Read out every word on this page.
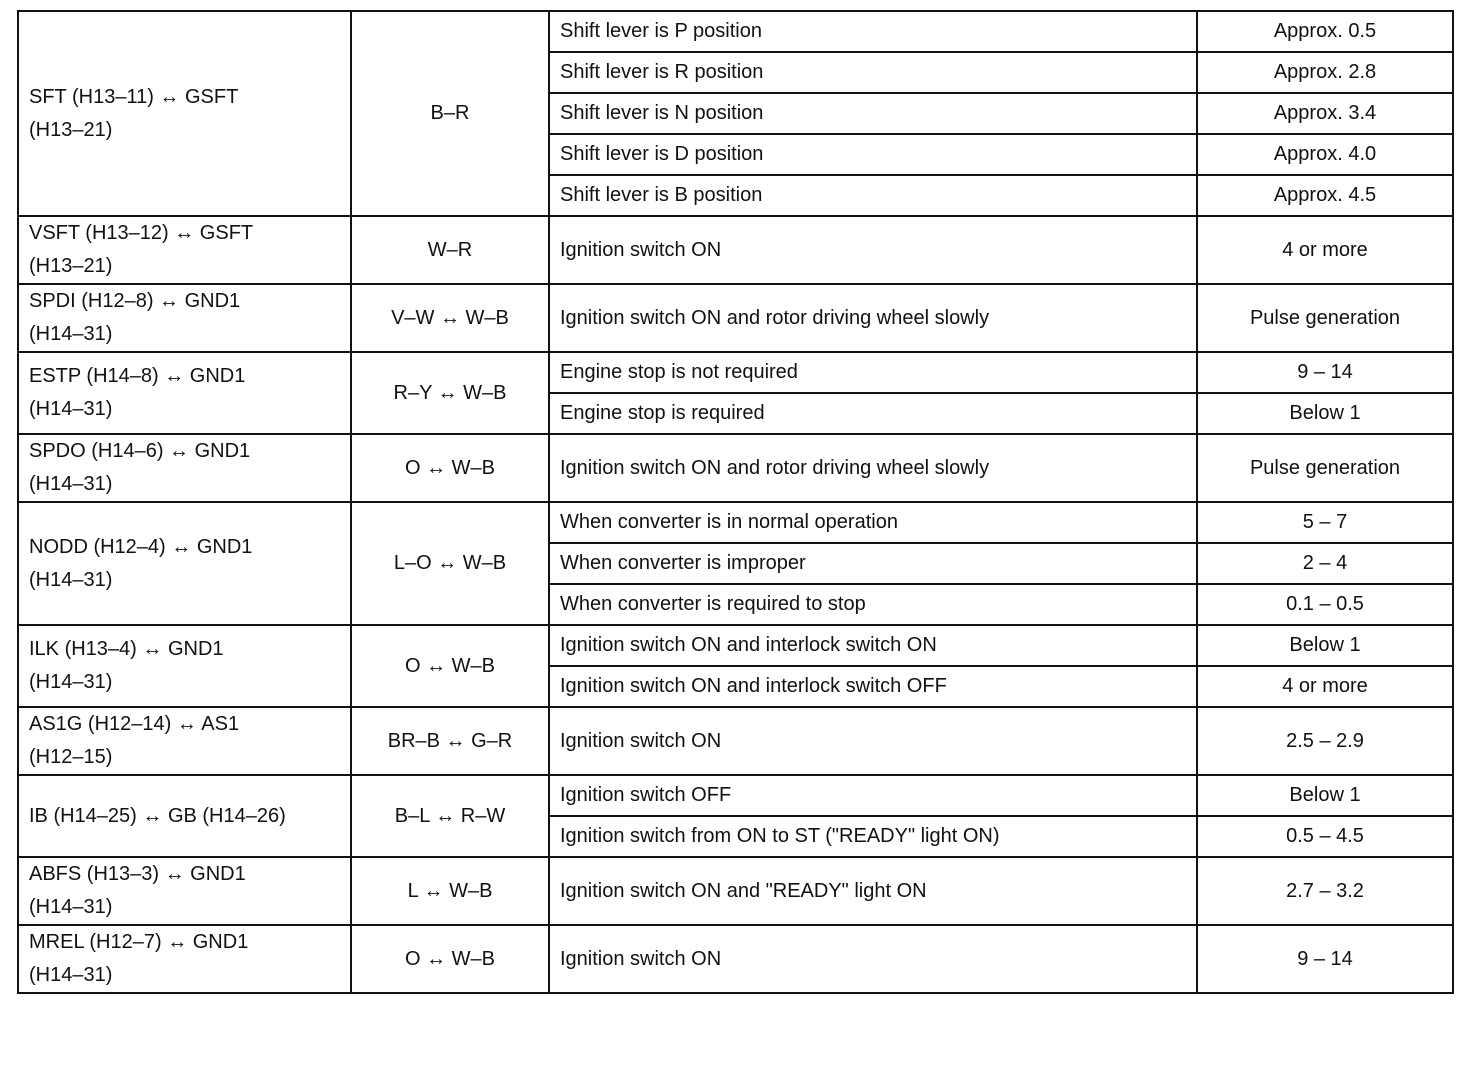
SFT (H13–11) ↔ GSFT
(H13–21)	B–R	Shift lever is P position	Approx. 0.5
		Shift lever is R position	Approx. 2.8
		Shift lever is N position	Approx. 3.4
		Shift lever is D position	Approx. 4.0
		Shift lever is B position	Approx. 4.5

VSFT (H13–12) ↔ GSFT
(H13–21)	W–R	Ignition switch ON	4 or more

SPDI (H12–8) ↔ GND1
(H14–31)	V–W ↔ W–B	Ignition switch ON and rotor driving wheel slowly	Pulse generation

ESTP (H14–8) ↔ GND1
(H14–31)	R–Y ↔ W–B	Engine stop is not required	9 – 14
		Engine stop is required	Below 1

SPDO (H14–6) ↔ GND1
(H14–31)	O ↔ W–B	Ignition switch ON and rotor driving wheel slowly	Pulse generation

NODD (H12–4) ↔ GND1
(H14–31)	L–O ↔ W–B	When converter is in normal operation	5 – 7
		When converter is improper	2 – 4
		When converter is required to stop	0.1 – 0.5

ILK (H13–4) ↔ GND1
(H14–31)	O ↔ W–B	Ignition switch ON and interlock switch ON	Below 1
		Ignition switch ON and interlock switch OFF	4 or more

AS1G (H12–14) ↔ AS1
(H12–15)	BR–B ↔ G–R	Ignition switch ON	2.5 – 2.9

IB (H14–25) ↔ GB (H14–26)	B–L ↔ R–W	Ignition switch OFF	Below 1
		Ignition switch from ON to ST ("READY" light ON)	0.5 – 4.5

ABFS (H13–3) ↔ GND1
(H14–31)	L ↔ W–B	Ignition switch ON and "READY" light ON	2.7 – 3.2

MREL (H12–7) ↔ GND1
(H14–31)	O ↔ W–B	Ignition switch ON	9 – 14
